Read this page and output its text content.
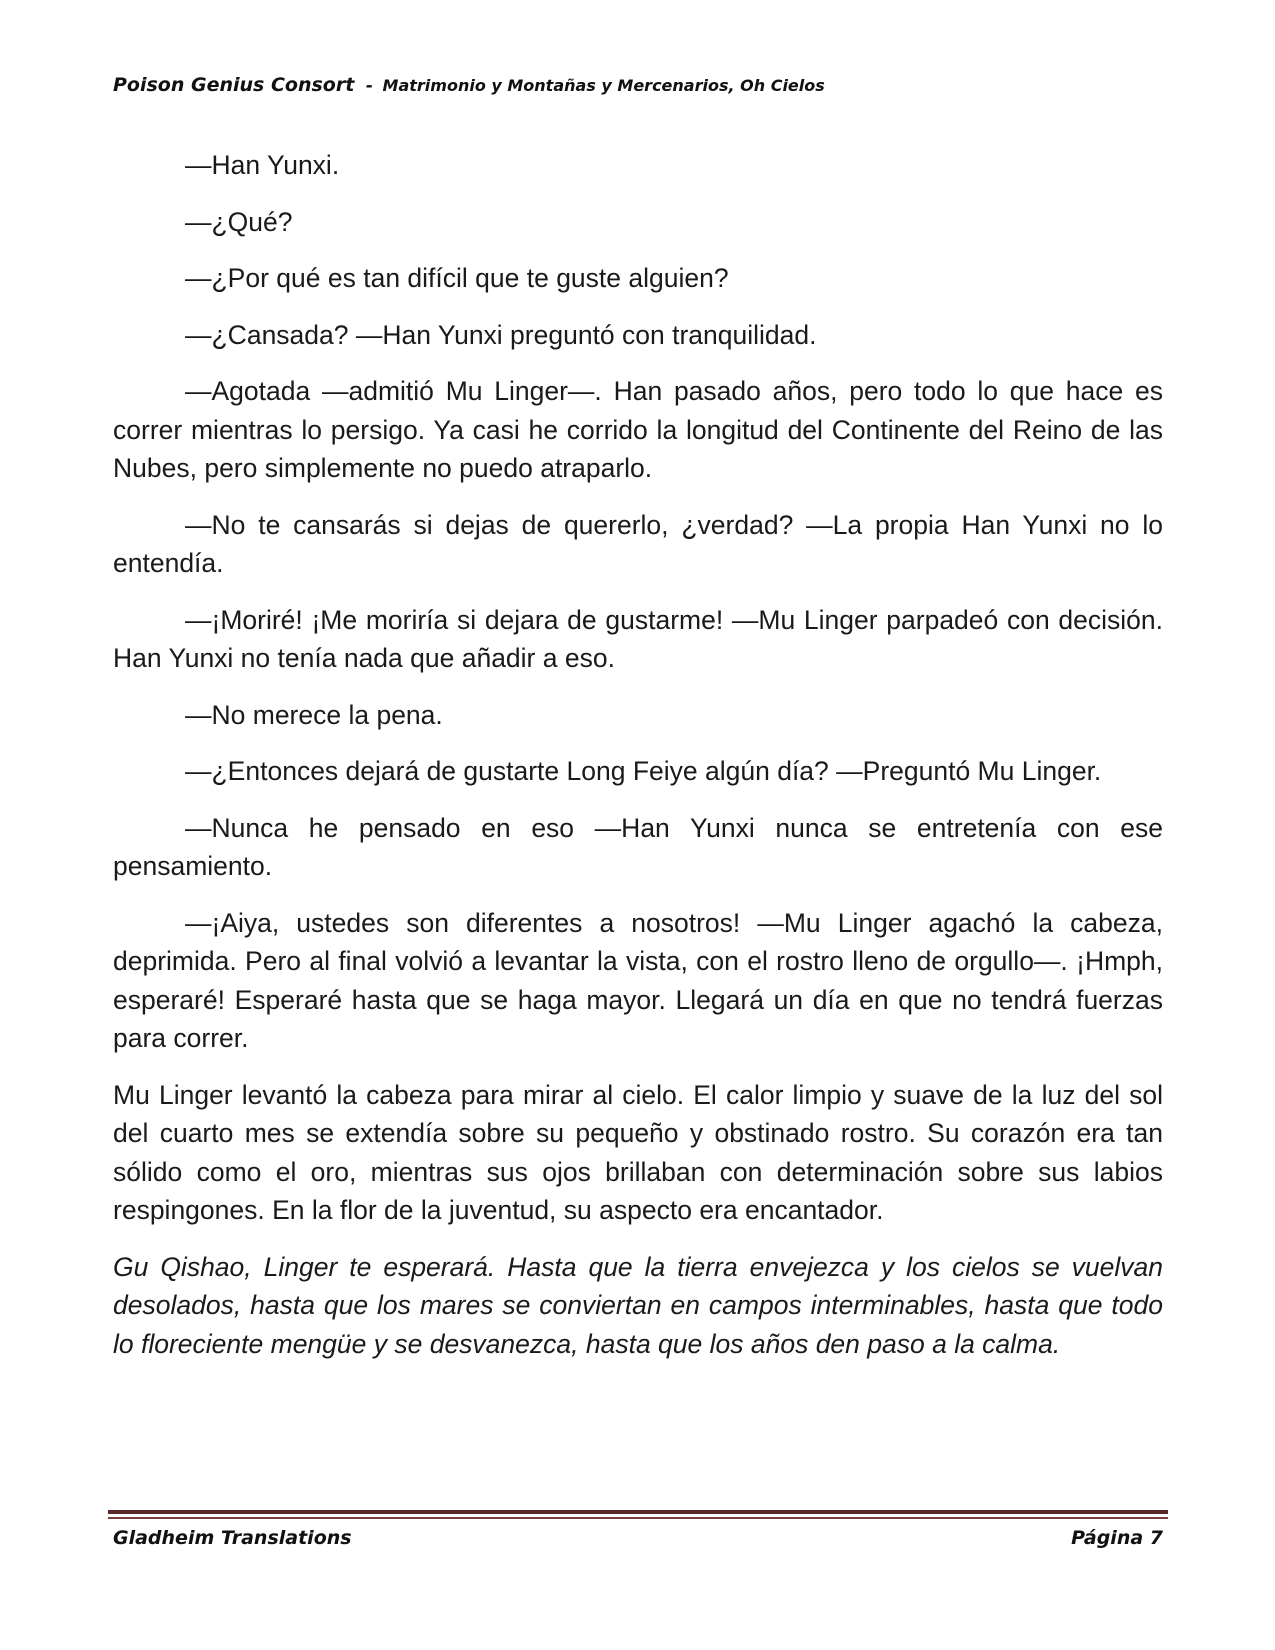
Poison Genius Consort - Matrimonio y Montañas y Mercenarios, Oh Cielos

—Han Yunxi.

—¿Qué?

—¿Por qué es tan difícil que te guste alguien?

—¿Cansada? —Han Yunxi preguntó con tranquilidad.

—Agotada —admitió Mu Linger—. Han pasado años, pero todo lo que hace es correr mientras lo persigo. Ya casi he corrido la longitud del Continente del Reino de las Nubes, pero simplemente no puedo atraparlo.

—No te cansarás si dejas de quererlo, ¿verdad? —La propia Han Yunxi no lo entendía.

—¡Moriré! ¡Me moriría si dejara de gustarme! —Mu Linger parpadeó con decisión. Han Yunxi no tenía nada que añadir a eso.

—No merece la pena.

—¿Entonces dejará de gustarte Long Feiye algún día? —Preguntó Mu Linger.

—Nunca he pensado en eso —Han Yunxi nunca se entretenía con ese pensamiento.

—¡Aiya, ustedes son diferentes a nosotros! —Mu Linger agachó la cabeza, deprimida. Pero al final volvió a levantar la vista, con el rostro lleno de orgullo—. ¡Hmph, esperaré! Esperaré hasta que se haga mayor. Llegará un día en que no tendrá fuerzas para correr.

Mu Linger levantó la cabeza para mirar al cielo. El calor limpio y suave de la luz del sol del cuarto mes se extendía sobre su pequeño y obstinado rostro. Su corazón era tan sólido como el oro, mientras sus ojos brillaban con determinación sobre sus labios respingones. En la flor de la juventud, su aspecto era encantador.

Gu Qishao, Linger te esperará. Hasta que la tierra envejezca y los cielos se vuelvan desolados, hasta que los mares se conviertan en campos interminables, hasta que todo lo floreciente mengüe y se desvanezca, hasta que los años den paso a la calma.

Gladheim Translations	Página 7
